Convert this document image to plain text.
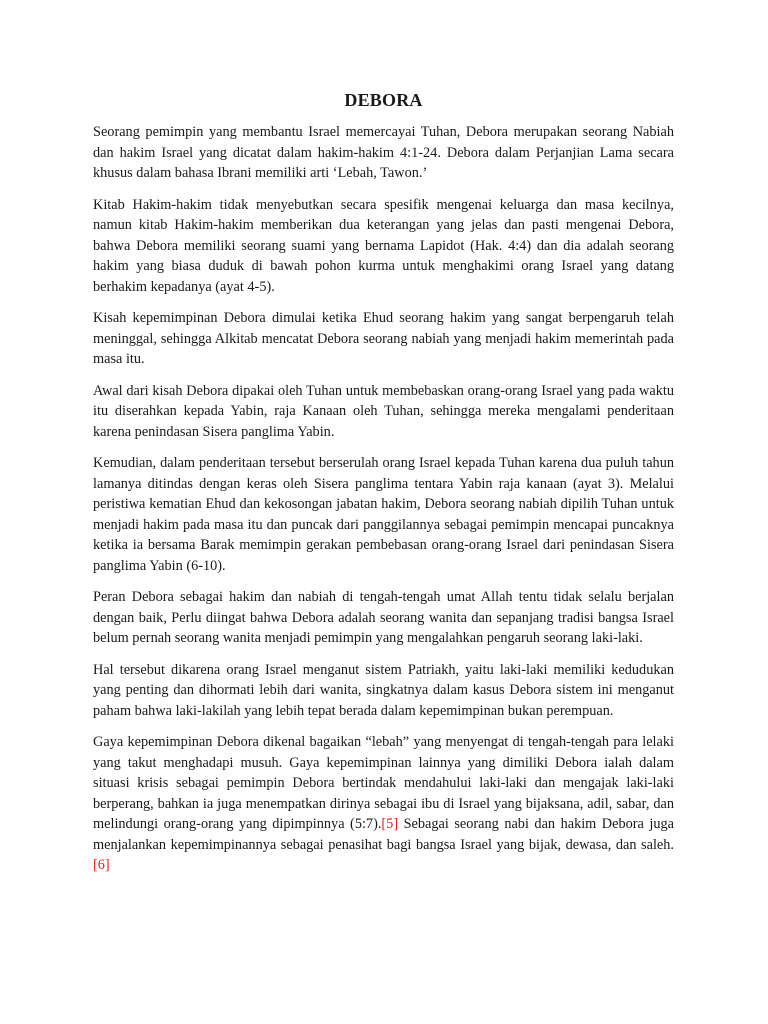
DEBORA

Seorang pemimpin yang membantu Israel memercayai Tuhan, Debora merupakan seorang Nabiah dan hakim Israel yang dicatat dalam hakim-hakim 4:1-24. Debora dalam Perjanjian Lama secara khusus dalam bahasa Ibrani memiliki arti ‘Lebah, Tawon.’

Kitab Hakim-hakim tidak menyebutkan secara spesifik mengenai keluarga dan masa kecilnya, namun kitab Hakim-hakim memberikan dua keterangan yang jelas dan pasti mengenai Debora, bahwa Debora memiliki seorang suami yang bernama Lapidot (Hak. 4:4) dan dia adalah seorang hakim yang biasa duduk di bawah pohon kurma untuk menghakimi orang Israel yang datang berhakim kepadanya (ayat 4-5).

Kisah kepemimpinan Debora dimulai ketika Ehud seorang hakim yang sangat berpengaruh telah meninggal, sehingga Alkitab mencatat Debora seorang nabiah yang menjadi hakim memerintah pada masa itu.

Awal dari kisah Debora dipakai oleh Tuhan untuk membebaskan orang-orang Israel yang pada waktu itu diserahkan kepada Yabin, raja Kanaan oleh Tuhan, sehingga mereka mengalami penderitaan karena penindasan Sisera panglima Yabin.

Kemudian, dalam penderitaan tersebut berserulah orang Israel kepada Tuhan karena dua puluh tahun lamanya ditindas dengan keras oleh Sisera panglima tentara Yabin raja kanaan (ayat 3). Melalui peristiwa kematian Ehud dan kekosongan jabatan hakim, Debora seorang nabiah dipilih Tuhan untuk menjadi hakim pada masa itu dan puncak dari panggilannya sebagai pemimpin mencapai puncaknya ketika ia bersama Barak memimpin gerakan pembebasan orang-orang Israel dari penindasan Sisera panglima Yabin (6-10).

Peran Debora sebagai hakim dan nabiah di tengah-tengah umat Allah tentu tidak selalu berjalan dengan baik, Perlu diingat bahwa Debora adalah seorang wanita dan sepanjang tradisi bangsa Israel belum pernah seorang wanita menjadi pemimpin yang mengalahkan pengaruh seorang laki-laki.

Hal tersebut dikarena orang Israel menganut sistem Patriakh, yaitu laki-laki memiliki kedudukan yang penting dan dihormati lebih dari wanita, singkatnya dalam kasus Debora sistem ini menganut paham bahwa laki-lakilah yang lebih tepat berada dalam kepemimpinan bukan perempuan.

Gaya kepemimpinan Debora dikenal bagaikan “lebah” yang menyengat di tengah-tengah para lelaki yang takut menghadapi musuh. Gaya kepemimpinan lainnya yang dimiliki Debora ialah dalam situasi krisis sebagai pemimpin Debora bertindak mendahului laki-laki dan mengajak laki-laki berperang, bahkan ia juga menempatkan dirinya sebagai ibu di Israel yang bijaksana, adil, sabar, dan melindungi orang-orang yang dipimpinnya (5:7).[5] Sebagai seorang nabi dan hakim Debora juga menjalankan kepemimpinannya sebagai penasihat bagi bangsa Israel yang bijak, dewasa, dan saleh.[6]
